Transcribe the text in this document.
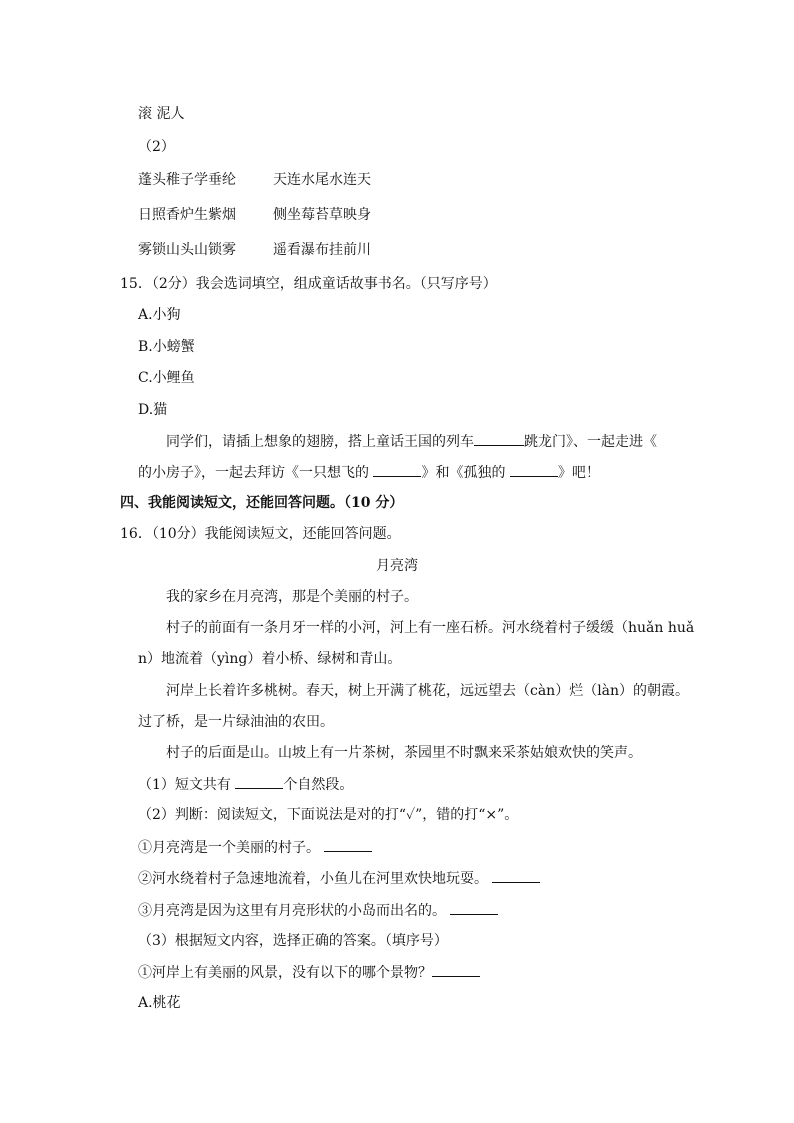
滚 泥人
（2）
蓬头稚子学垂纶	天连水尾水连天
日照香炉生紫烟	侧坐莓苔草映身
雾锁山头山锁雾	遥看瀑布挂前川
15．（2分）我会选词填空，组成童话故事书名。（只写序号）
A.小狗
B.小螃蟹
C.小鲤鱼
D.猫
同学们，请插上想象的翅膀，搭上童话王国的列车	跳龙门》、一起走进《
的小房子》，一起去拜访《一只想飞的	》和《孤独的	》吧！
四、我能阅读短文，还能回答问题。（10 分）
16．（10分）我能阅读短文，还能回答问题。
月亮湾
我的家乡在月亮湾，那是个美丽的村子。
村子的前面有一条月牙一样的小河，河上有一座石桥。河水绕着村子缓缓（huǎn huǎ
n）地流着（yìng）着小桥、绿树和青山。
河岸上长着许多桃树。春天，树上开满了桃花，远远望去（càn）烂（làn）的朝霞。
过了桥，是一片绿油油的农田。
村子的后面是山。山坡上有一片茶树，茶园里不时飘来采茶姑娘欢快的笑声。
（1）短文共有	个自然段。
（2）判断：阅读短文，下面说法是对的打“✓”，错的打“×”。
①月亮湾是一个美丽的村子。
②河水绕着村子急速地流着，小鱼儿在河里欢快地玩耍。
③月亮湾是因为这里有月亮形状的小岛而出名的。
（3）根据短文内容，选择正确的答案。（填序号）
①河岸上有美丽的风景，没有以下的哪个景物？
A.桃花
